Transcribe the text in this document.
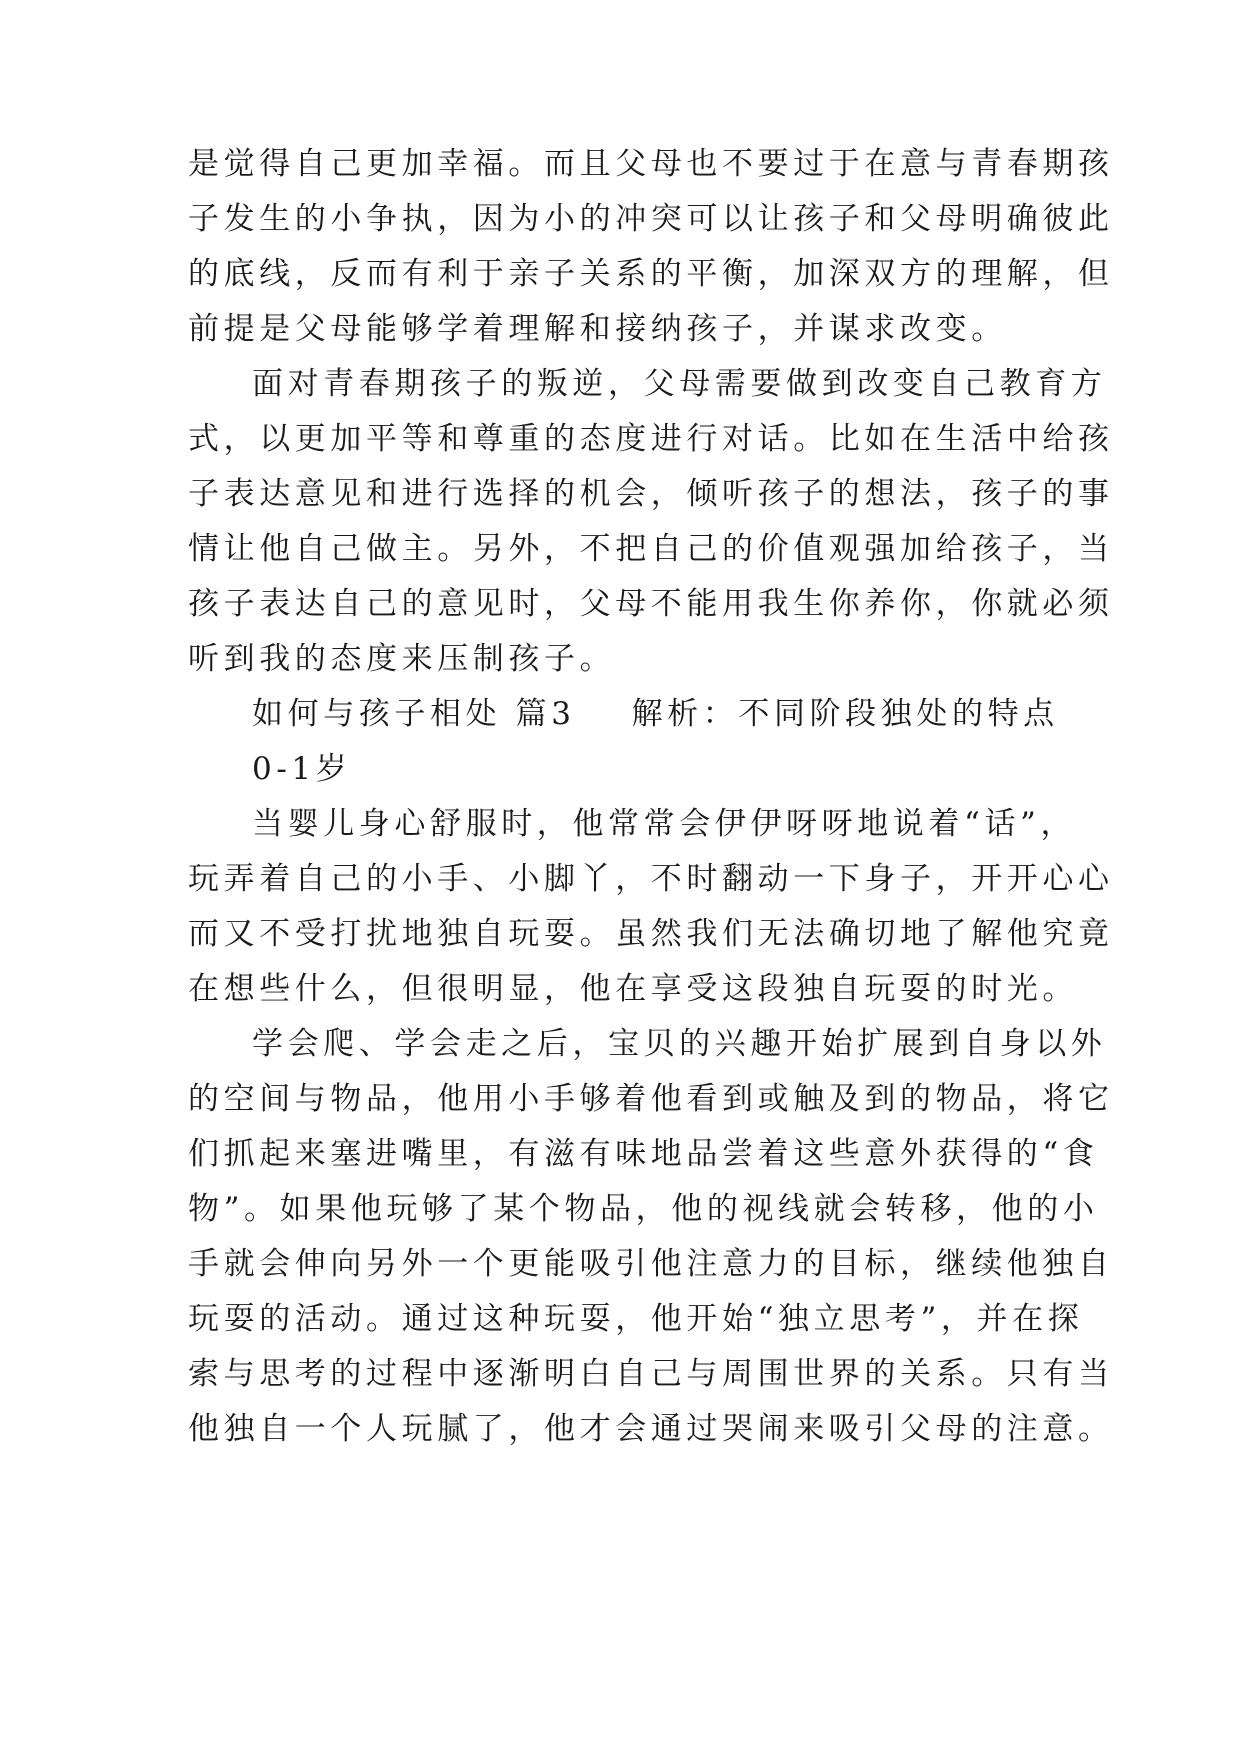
是觉得自己更加幸福。而且父母也不要过于在意与青春期孩
子发生的小争执，因为小的冲突可以让孩子和父母明确彼此
的底线，反而有利于亲子关系的平衡，加深双方的理解，但
前提是父母能够学着理解和接纳孩子，并谋求改变。
面对青春期孩子的叛逆，父母需要做到改变自己教育方
式，以更加平等和尊重的态度进行对话。比如在生活中给孩
子表达意见和进行选择的机会，倾听孩子的想法，孩子的事
情让他自己做主。另外，不把自己的价值观强加给孩子，当
孩子表达自己的意见时，父母不能用我生你养你，你就必须
听到我的态度来压制孩子。
如何与孩子相处 篇3 解析：不同阶段独处的特点
0-1岁
当婴儿身心舒服时，他常常会伊伊呀呀地说着“话”，
玩弄着自己的小手、小脚丫，不时翻动一下身子，开开心心
而又不受打扰地独自玩耍。虽然我们无法确切地了解他究竟
在想些什么，但很明显，他在享受这段独自玩耍的时光。
学会爬、学会走之后，宝贝的兴趣开始扩展到自身以外
的空间与物品，他用小手够着他看到或触及到的物品，将它
们抓起来塞进嘴里，有滋有味地品尝着这些意外获得的“食
物”。如果他玩够了某个物品，他的视线就会转移，他的小
手就会伸向另外一个更能吸引他注意力的目标，继续他独自
玩耍的活动。通过这种玩耍，他开始“独立思考”，并在探
索与思考的过程中逐渐明白自己与周围世界的关系。只有当
他独自一个人玩腻了，他才会通过哭闹来吸引父母的注意。
